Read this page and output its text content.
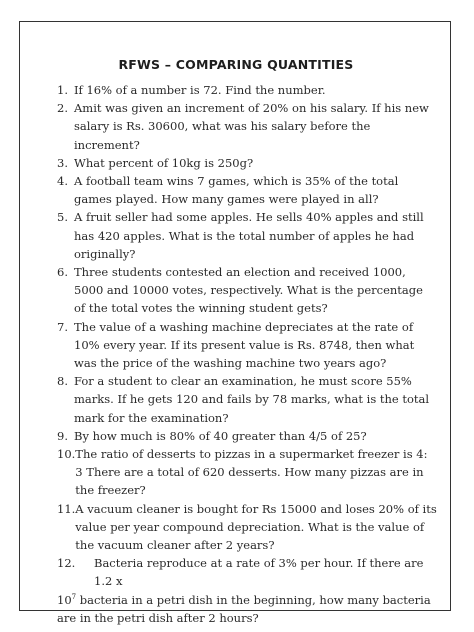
RFWS – COMPARING QUANTITIES
1. If 16% of a number is 72. Find the number.
2. Amit was given an increment of 20% on his salary. If his new salary is Rs. 30600, what was his salary before the increment?
3. What percent of 10kg is 250g?
4. A football team wins 7 games, which is 35% of the total games played. How many games were played in all?
5. A fruit seller had some apples. He sells 40% apples and still has 420 apples. What is the total number of apples he had originally?
6. Three students contested an election and received 1000, 5000 and 10000 votes, respectively. What is the percentage of the total votes the winning student gets?
7. The value of a washing machine depreciates at the rate of 10% every year. If its present value is Rs. 8748, then what was the price of the washing machine two years ago?
8. For a student to clear an examination, he must score 55% marks. If he gets 120 and fails by 78 marks, what is the total mark for the examination?
9. By how much is 80% of 40 greater than 4/5 of 25?
10. The ratio of desserts to pizzas in a supermarket freezer is 4: 3 There are a total of 620 desserts. How many pizzas are in the freezer?
11. A vacuum cleaner is bought for Rs 15000 and loses 20% of its value per year compound depreciation. What is the value of the vacuum cleaner after 2 years?
12.	Bacteria reproduce at a rate of 3% per hour. If there are 1.2 x
$10^7$ bacteria in a petri dish in the beginning, how many bacteria are in the petri dish after 2 hours?
